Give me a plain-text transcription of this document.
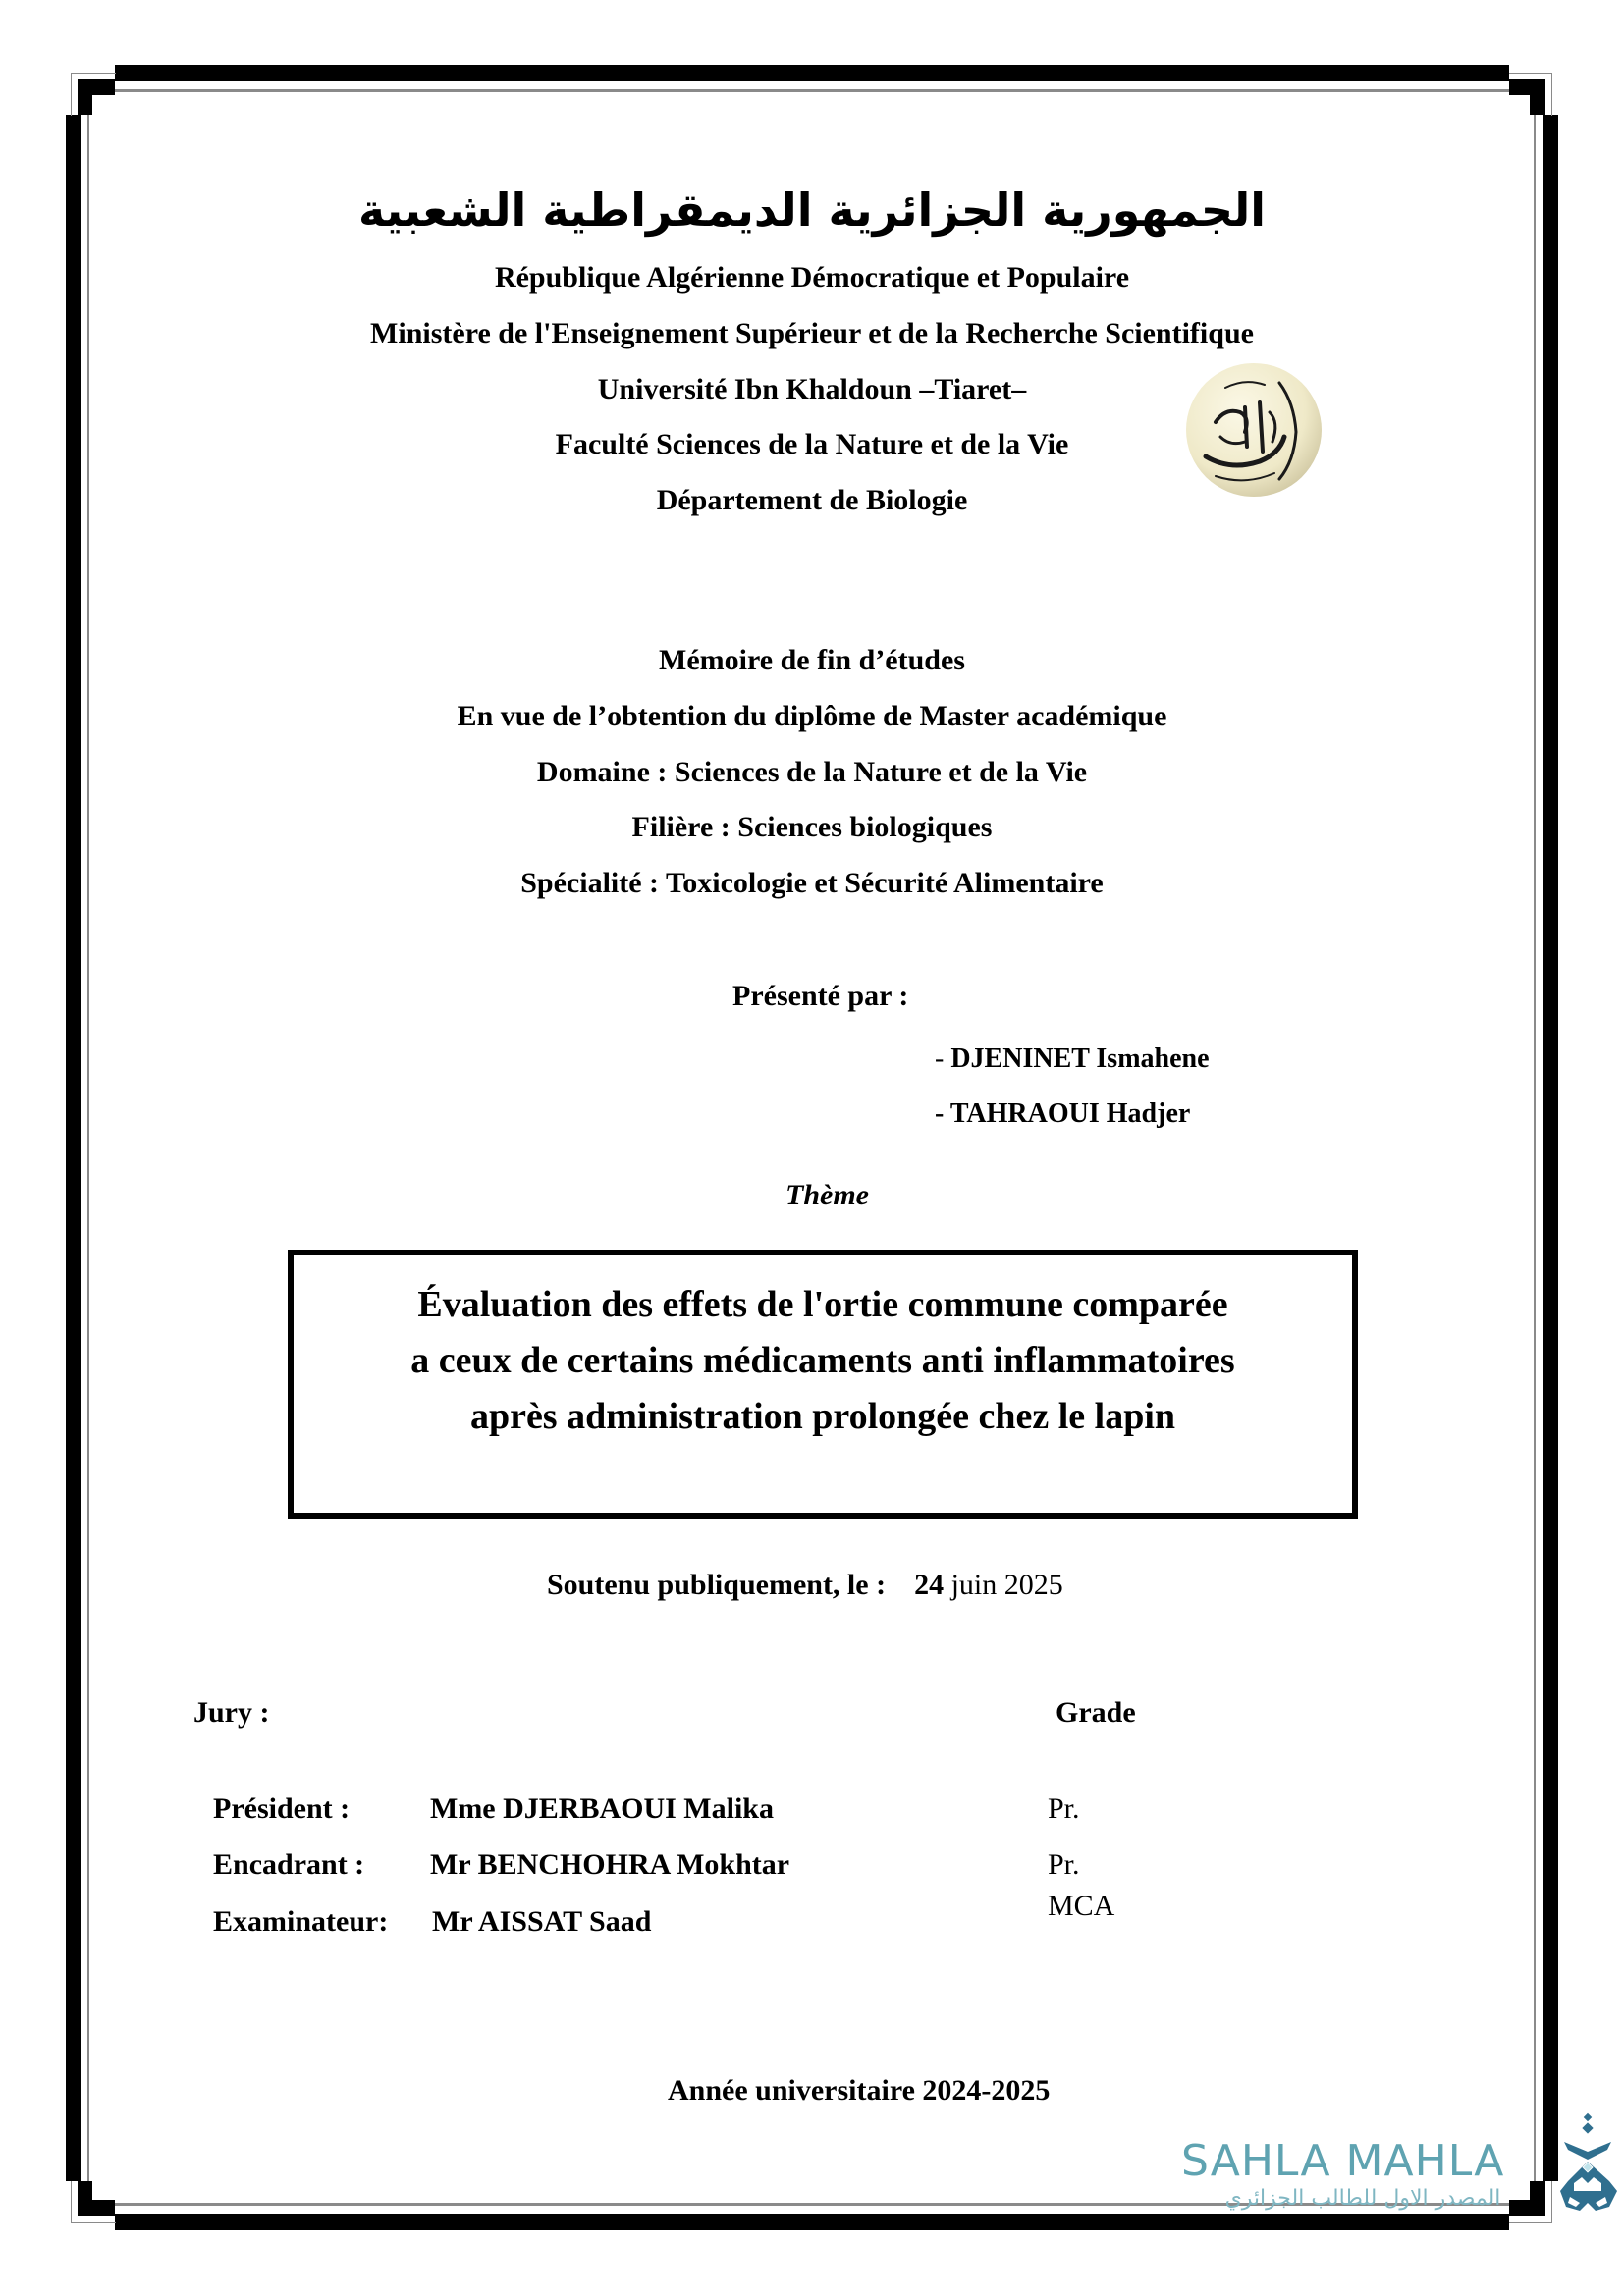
الجمهورية الجزائرية الديمقراطية الشعبية
République Algérienne Démocratique et Populaire
Ministère de l'Enseignement Supérieur et de la Recherche Scientifique
Université Ibn Khaldoun –Tiaret–
Faculté Sciences de la Nature et de la Vie
Département de Biologie
Mémoire de fin d’études
En vue de l’obtention du diplôme de Master académique
Domaine : Sciences de la Nature et de la Vie
Filière : Sciences biologiques
Spécialité : Toxicologie et Sécurité Alimentaire
Présenté par :
- DJENINET Ismahene
- TAHRAOUI Hadjer
Thème
Évaluation des effets de l'ortie commune comparée
a ceux de certains médicaments anti inflammatoires
après administration prolongée chez le lapin
Soutenu publiquement, le : 24 juin 2025
Jury :	Grade
Président :	Mme DJERBAOUI Malika	Pr.
Encadrant : Mr BENCHOHRA Mokhtar	Pr.
Examinateur: Mr AISSAT Saad	MCA
Année universitaire 2024-2025
SAHLA MAHLA
المصدر الاول للطالب الجزائري
